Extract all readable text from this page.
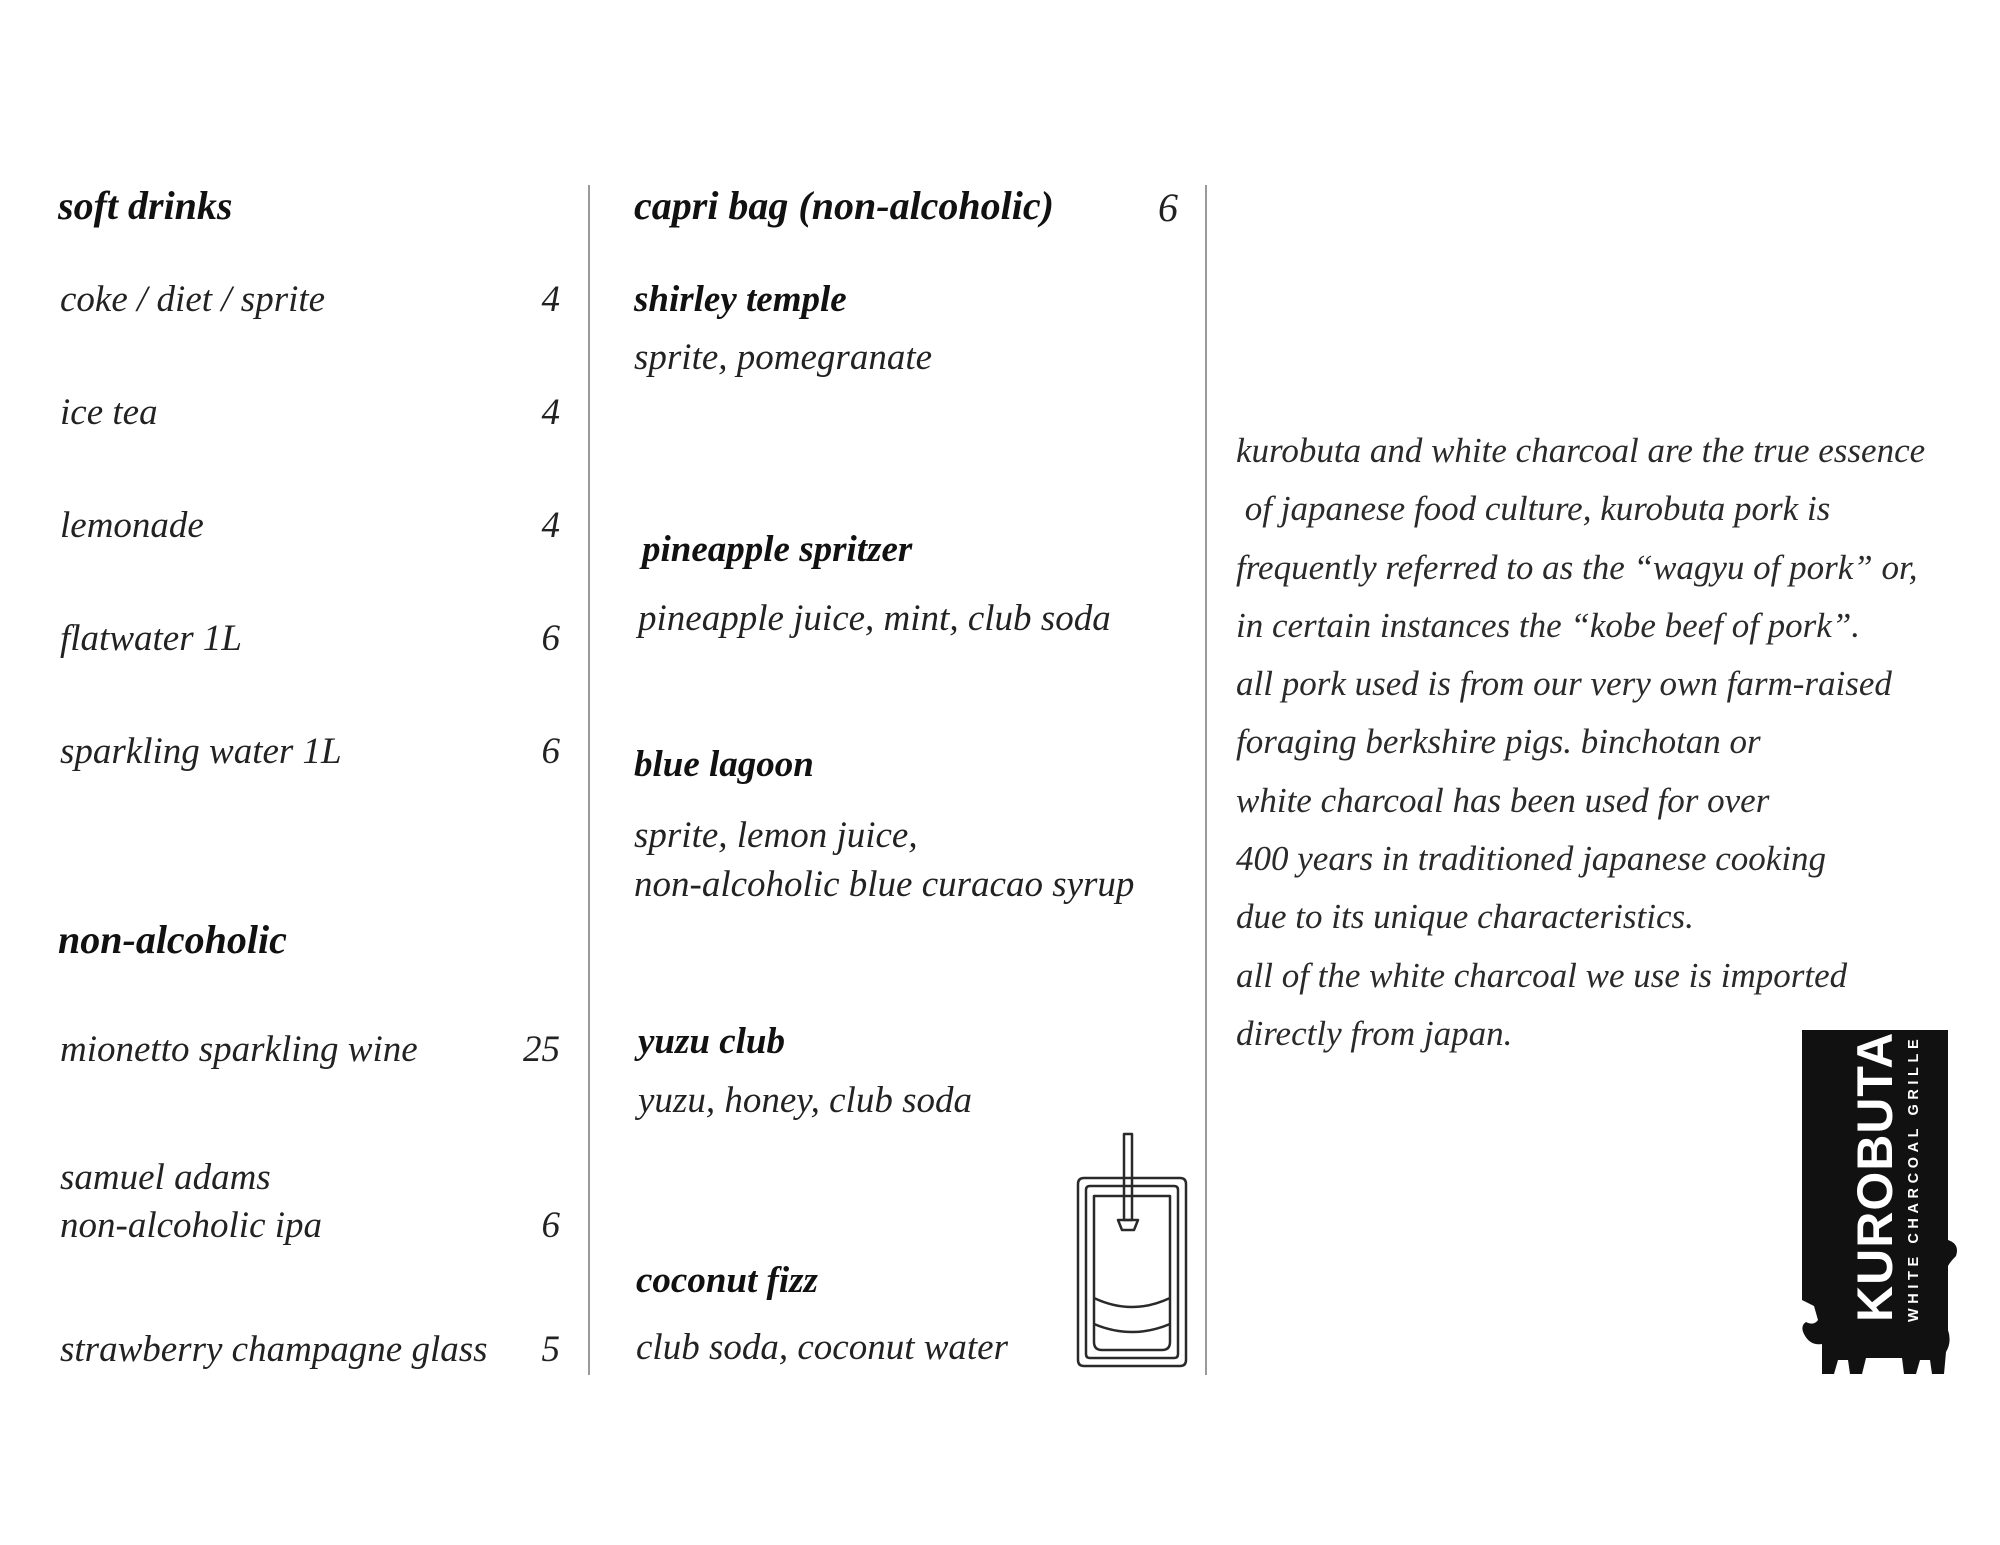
soft drinks
coke / diet / sprite	4
ice tea	4
lemonade	4
flatwater 1L	6
sparkling water 1L	6
non-alcoholic
mionetto sparkling wine	25
samuel adams
non-alcoholic ipa	6
strawberry champagne glass	5
capri bag (non-alcoholic)	6
shirley temple
sprite, pomegranate
pineapple spritzer
pineapple juice, mint, club soda
blue lagoon
sprite, lemon juice,
non-alcoholic blue curacao syrup
yuzu club
yuzu, honey, club soda
coconut fizz
club soda, coconut water
kurobuta and white charcoal are the true essence
of japanese food culture, kurobuta pork is
frequently referred to as the “wagyu of pork” or,
in certain instances the “kobe beef of pork”.
all pork used is from our very own farm-raised
foraging berkshire pigs. binchotan or
white charcoal has been used for over
400 years in traditioned japanese cooking
due to its unique characteristics.
all of the white charcoal we use is imported
directly from japan.	KUROBUTA WHITE CHARCOAL GRILLE
